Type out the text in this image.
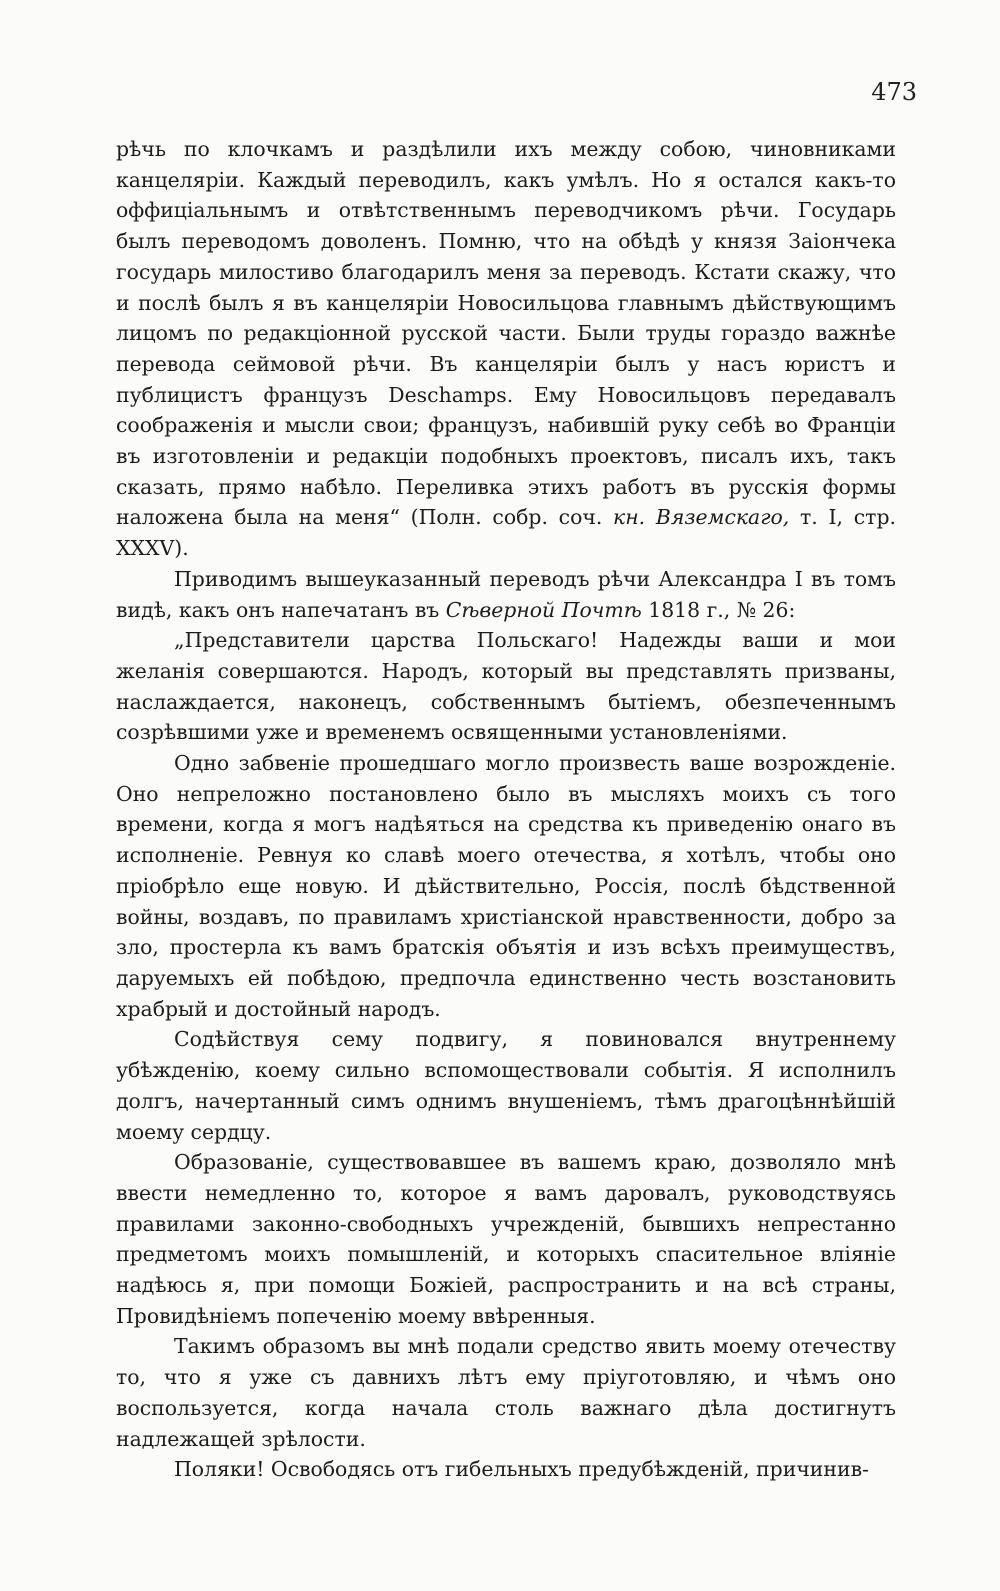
473

рѣчь по клочкамъ и раздѣлили ихъ между собою, чиновниками канцеляріи. Каждый переводилъ, какъ умѣлъ. Но я остался какъ-то оффиціальнымъ и отвѣтственнымъ переводчикомъ рѣчи. Государь былъ переводомъ доволенъ. Помню, что на обѣдѣ у князя Заіончека государь милостиво благодарилъ меня за переводъ. Кстати скажу, что и послѣ былъ я въ канцеляріи Новосильцова главнымъ дѣйствующимъ лицомъ по редакціонной русской части. Были труды гораздо важнѣе перевода сеймовой рѣчи. Въ канцеляріи былъ у насъ юристъ и публицистъ французъ Deschamps. Ему Новосильцовъ передавалъ соображенія и мысли свои; французъ, набившій руку себѣ во Франціи въ изготовленіи и редакціи подобныхъ проектовъ, писалъ ихъ, такъ сказать, прямо набѣло. Переливка этихъ работъ въ русскія формы наложена была на меня“ (Полн. собр. соч. кн. Вяземскаго, т. I, стр. XXXV).

Приводимъ вышеуказанный переводъ рѣчи Александра I въ томъ видѣ, какъ онъ напечатанъ въ Сѣверной Почтѣ 1818 г., № 26:

„Представители царства Польскаго! Надежды ваши и мои желанія совершаются. Народъ, который вы представлять призваны, наслаждается, наконецъ, собственнымъ бытіемъ, обезпеченнымъ созрѣвшими уже и временемъ освященными установленіями.

Одно забвеніе прошедшаго могло произвесть ваше возрожденіе. Оно непреложно постановлено было въ мысляхъ моихъ съ того времени, когда я могъ надѣяться на средства къ приведенію онаго въ исполненіе. Ревнуя ко славѣ моего отечества, я хотѣлъ, чтобы оно пріобрѣло еще новую. И дѣйствительно, Россія, послѣ бѣдственной войны, воздавъ, по правиламъ христіанской нравственности, добро за зло, простерла къ вамъ братскія объятія и изъ всѣхъ преимуществъ, даруемыхъ ей побѣдою, предпочла единственно честь возстановить храбрый и достойный народъ.

Содѣйствуя сему подвигу, я повиновался внутреннему убѣжденію, коему сильно вспомоществовали событія. Я исполнилъ долгъ, начертанный симъ однимъ внушеніемъ, тѣмъ драгоцѣннѣйшій моему сердцу.

Образованіе, существовавшее въ вашемъ краю, дозволяло мнѣ ввести немедленно то, которое я вамъ даровалъ, руководствуясь правилами законно-свободныхъ учрежденій, бывшихъ непрестанно предметомъ моихъ помышленій, и которыхъ спасительное вліяніе надѣюсь я, при помощи Божіей, распространить и на всѣ страны, Провидѣніемъ попеченію моему ввѣренныя.

Такимъ образомъ вы мнѣ подали средство явить моему отечеству то, что я уже съ давнихъ лѣтъ ему пріуготовляю, и чѣмъ оно воспользуется, когда начала столь важнаго дѣла достигнутъ надлежащей зрѣлости.

Поляки! Освободясь отъ гибельныхъ предубѣжденій, причинив-
